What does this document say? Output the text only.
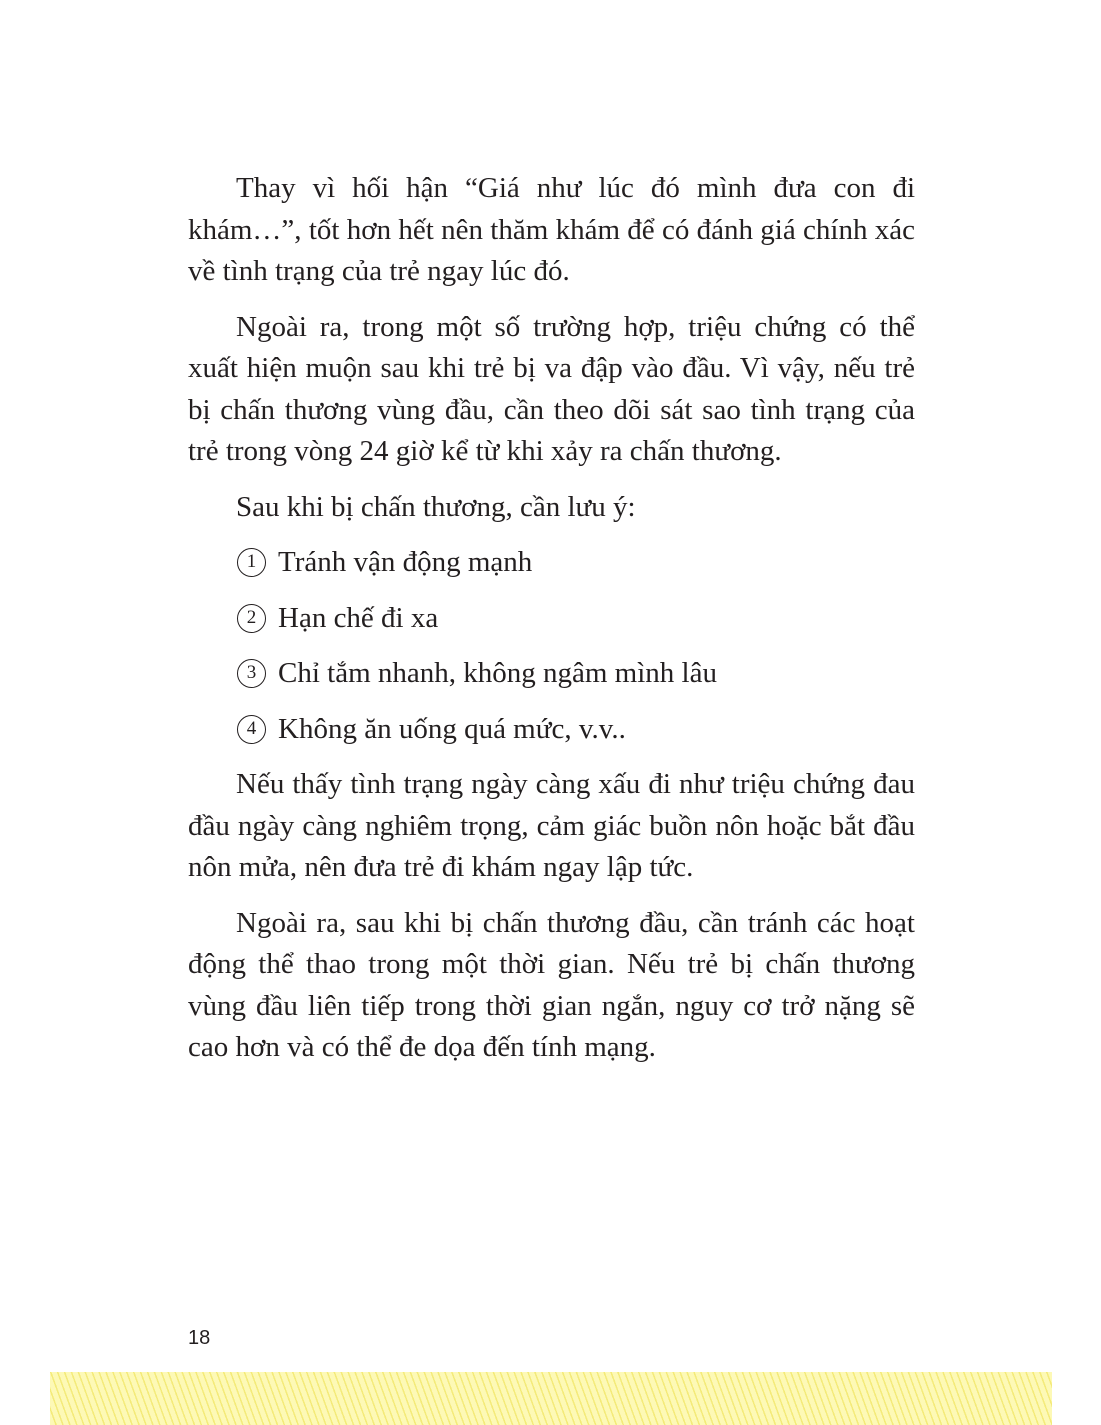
Thay vì hối hận “Giá như lúc đó mình đưa con đi khám…”, tốt hơn hết nên thăm khám để có đánh giá chính xác về tình trạng của trẻ ngay lúc đó.

Ngoài ra, trong một số trường hợp, triệu chứng có thể xuất hiện muộn sau khi trẻ bị va đập vào đầu. Vì vậy, nếu trẻ bị chấn thương vùng đầu, cần theo dõi sát sao tình trạng của trẻ trong vòng 24 giờ kể từ khi xảy ra chấn thương.

Sau khi bị chấn thương, cần lưu ý:

1 Tránh vận động mạnh
2 Hạn chế đi xa
3 Chỉ tắm nhanh, không ngâm mình lâu
4 Không ăn uống quá mức, v.v..

Nếu thấy tình trạng ngày càng xấu đi như triệu chứng đau đầu ngày càng nghiêm trọng, cảm giác buồn nôn hoặc bắt đầu nôn mửa, nên đưa trẻ đi khám ngay lập tức.

Ngoài ra, sau khi bị chấn thương đầu, cần tránh các hoạt động thể thao trong một thời gian. Nếu trẻ bị chấn thương vùng đầu liên tiếp trong thời gian ngắn, nguy cơ trở nặng sẽ cao hơn và có thể đe dọa đến tính mạng.

18
